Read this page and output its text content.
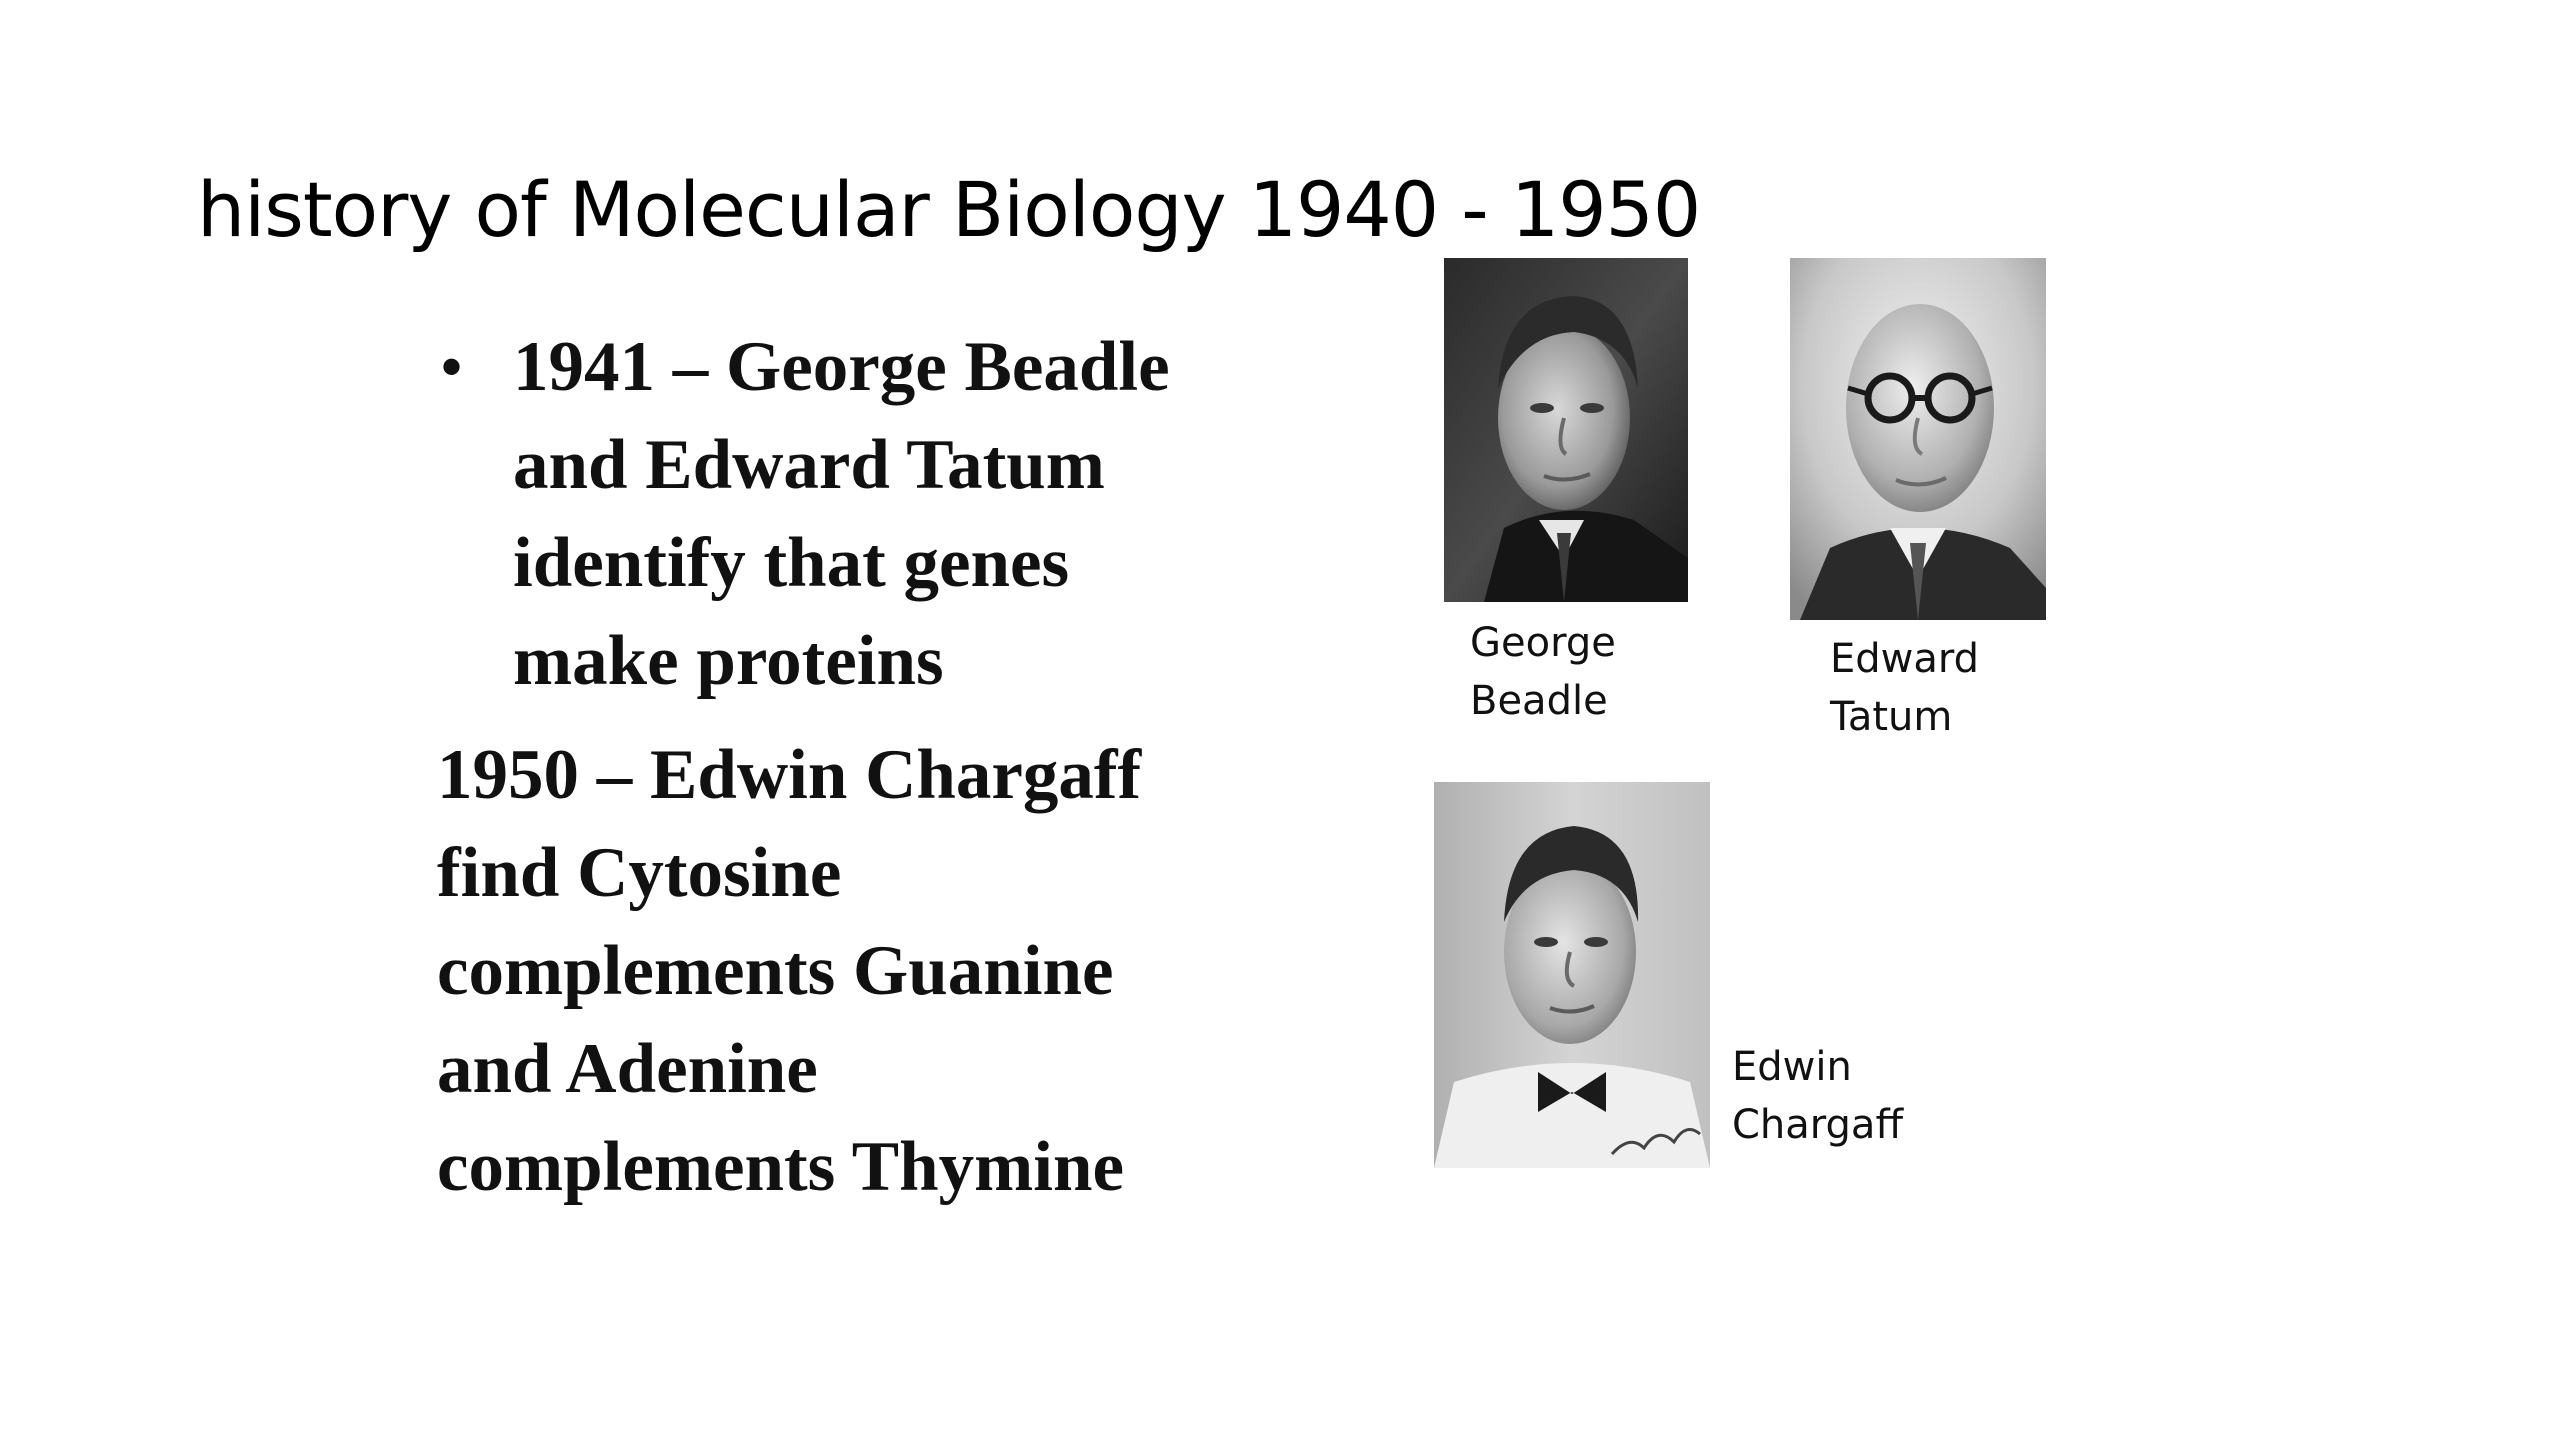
history of Molecular Biology 1940 - 1950
• 1941 – George Beadle
and Edward Tatum
identify that genes
make proteins
1950 – Edwin Chargaff
find Cytosine
complements Guanine
and Adenine
complements Thymine
George
Beadle
Edward
Tatum
Edwin
Chargaff
